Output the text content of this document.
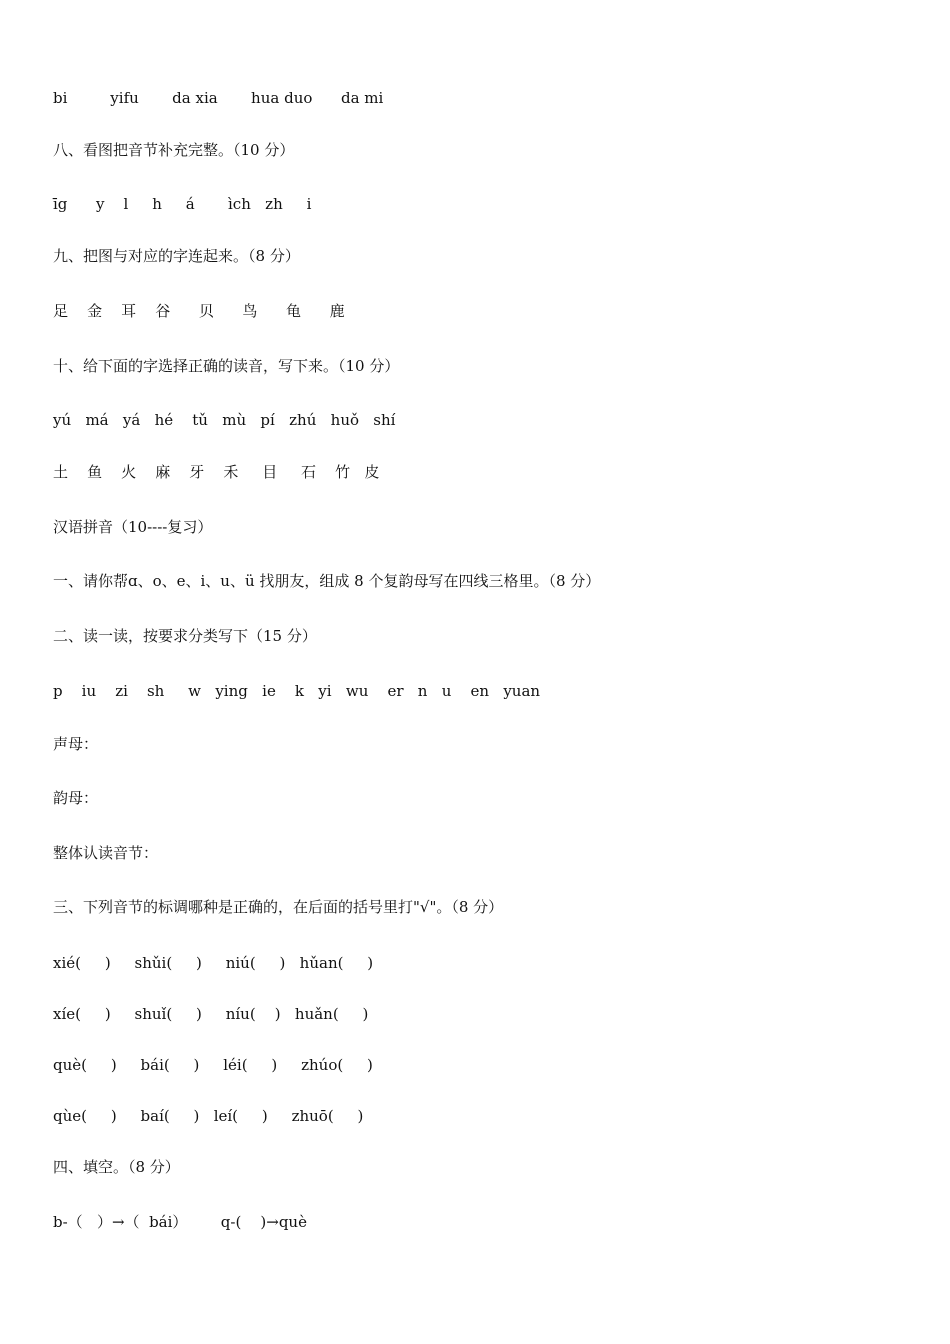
bi         yifu       da xia       hua duo      da mi
八、看图把音节补充完整。（10 分）
īg      y    l     h     á       ìch   zh     i
九、把图与对应的字连起来。（8 分）
足    金    耳    谷      贝      鸟      龟      鹿
十、给下面的字选择正确的读音，写下来。（10 分）
yú   má   yá   hé    tǔ   mù   pí   zhú   huǒ   shí
土    鱼    火    麻    牙    禾     目     石    竹   皮
汉语拼音（10----复习）
一、请你帮ɑ、o、e、i、u、ü 找朋友，组成 8 个复韵母写在四线三格里。（8 分）
二、读一读，按要求分类写下（15 分）
p    iu    zi    sh     w   ying   ie    k   yi   wu    er   n   u    en   yuan
声母：
韵母：
整体认读音节：
三、下列音节的标调哪种是正确的，在后面的括号里打"√"。（8 分）
xié(     )     shǔi(     )     niú(     )   hǔan(     )
xíe(     )     shuǐ(     )     níu(    )   huǎn(     )
què(     )     bái(     )     léi(     )     zhúo(     )
qùe(     )     baí(     )   leí(     )     zhuō(     )
四、填空。（8 分）
b-（   ）→（  bái）       q-(    )→què
